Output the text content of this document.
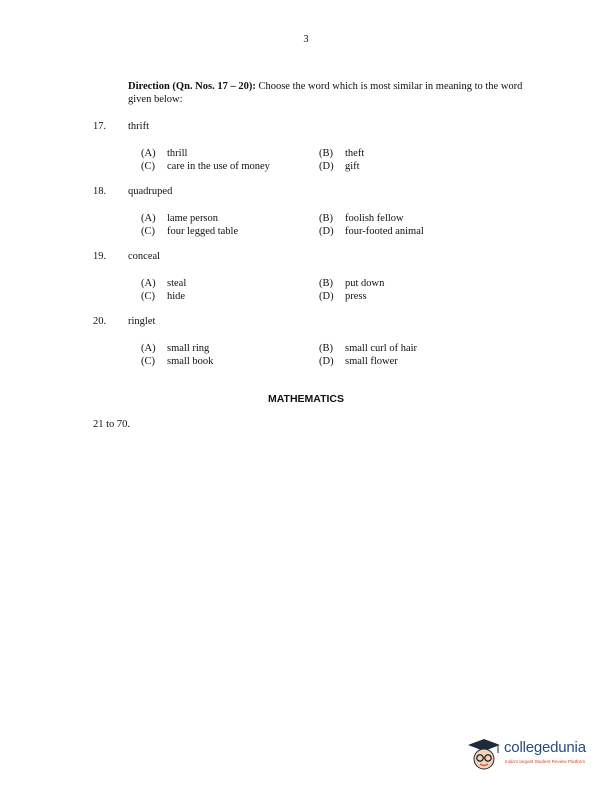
3
Direction (Qn. Nos. 17 – 20): Choose the word which is most similar in meaning to the word given below:
17. thrift
(A) thrill	(B) theft
(C) care in the use of money	(D) gift
18. quadruped
(A) lame person	(B) foolish fellow
(C) four legged table	(D) four-footed animal
19. conceal
(A) steal	(B) put down
(C) hide	(D) press
20. ringlet
(A) small ring	(B) small curl of hair
(C) small book	(D) small flower
MATHEMATICS
21 to 70.
collegedunia
India's largest Student Review Platform
